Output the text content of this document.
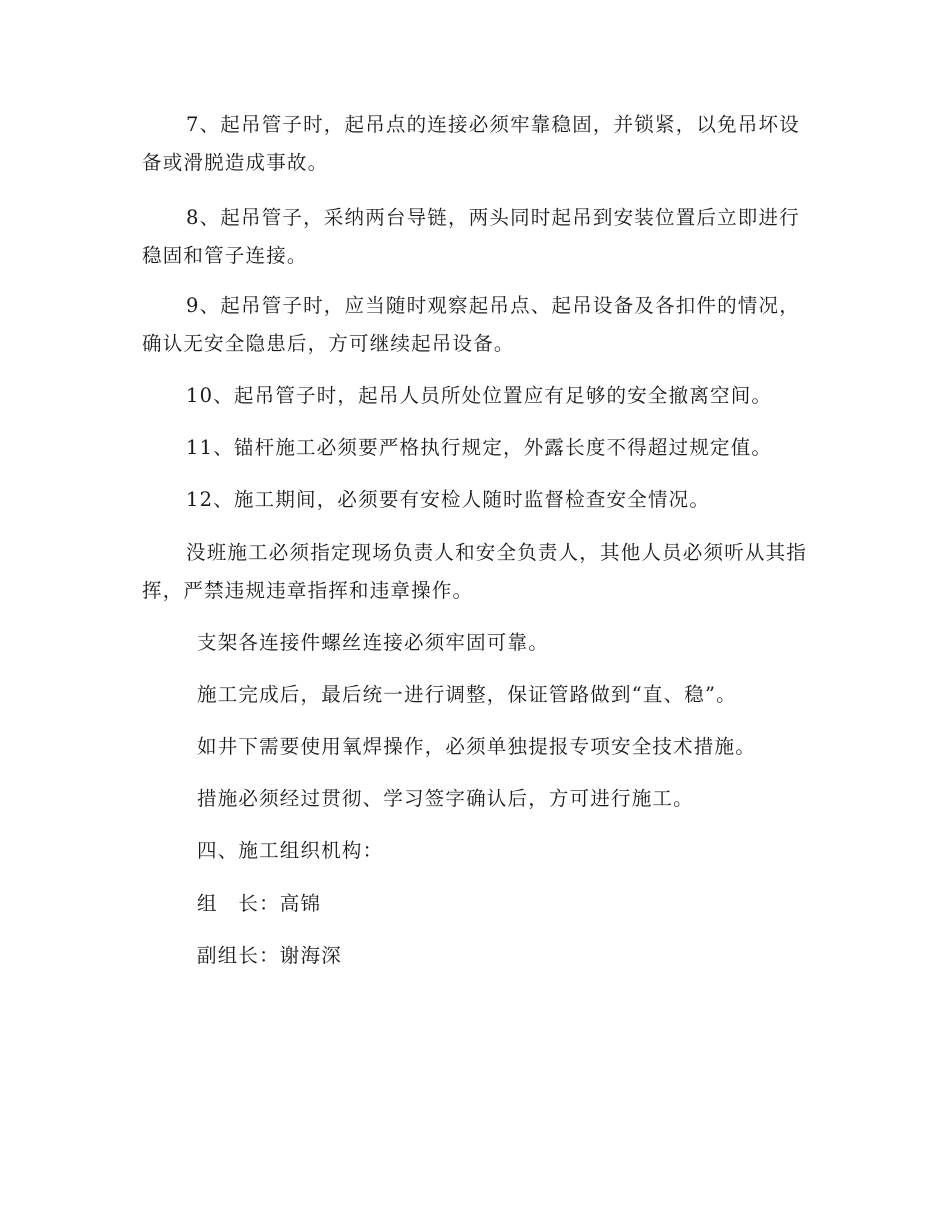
7、起吊管子时，起吊点的连接必须牢靠稳固，并锁紧，以免吊坏设备或滑脱造成事故。

8、起吊管子，采纳两台导链，两头同时起吊到安装位置后立即进行稳固和管子连接。

9、起吊管子时，应当随时观察起吊点、起吊设备及各扣件的情况，确认无安全隐患后，方可继续起吊设备。

10、起吊管子时，起吊人员所处位置应有足够的安全撤离空间。

11、锚杆施工必须要严格执行规定，外露长度不得超过规定值。

12、施工期间，必须要有安检人随时监督检查安全情况。

没班施工必须指定现场负责人和安全负责人，其他人员必须听从其指挥，严禁违规违章指挥和违章操作。

支架各连接件螺丝连接必须牢固可靠。

施工完成后，最后统一进行调整，保证管路做到“直、稳”。

如井下需要使用氧焊操作，必须单独提报专项安全技术措施。

措施必须经过贯彻、学习签字确认后，方可进行施工。

四、施工组织机构：

组　长：高锦

副组长：谢海深
